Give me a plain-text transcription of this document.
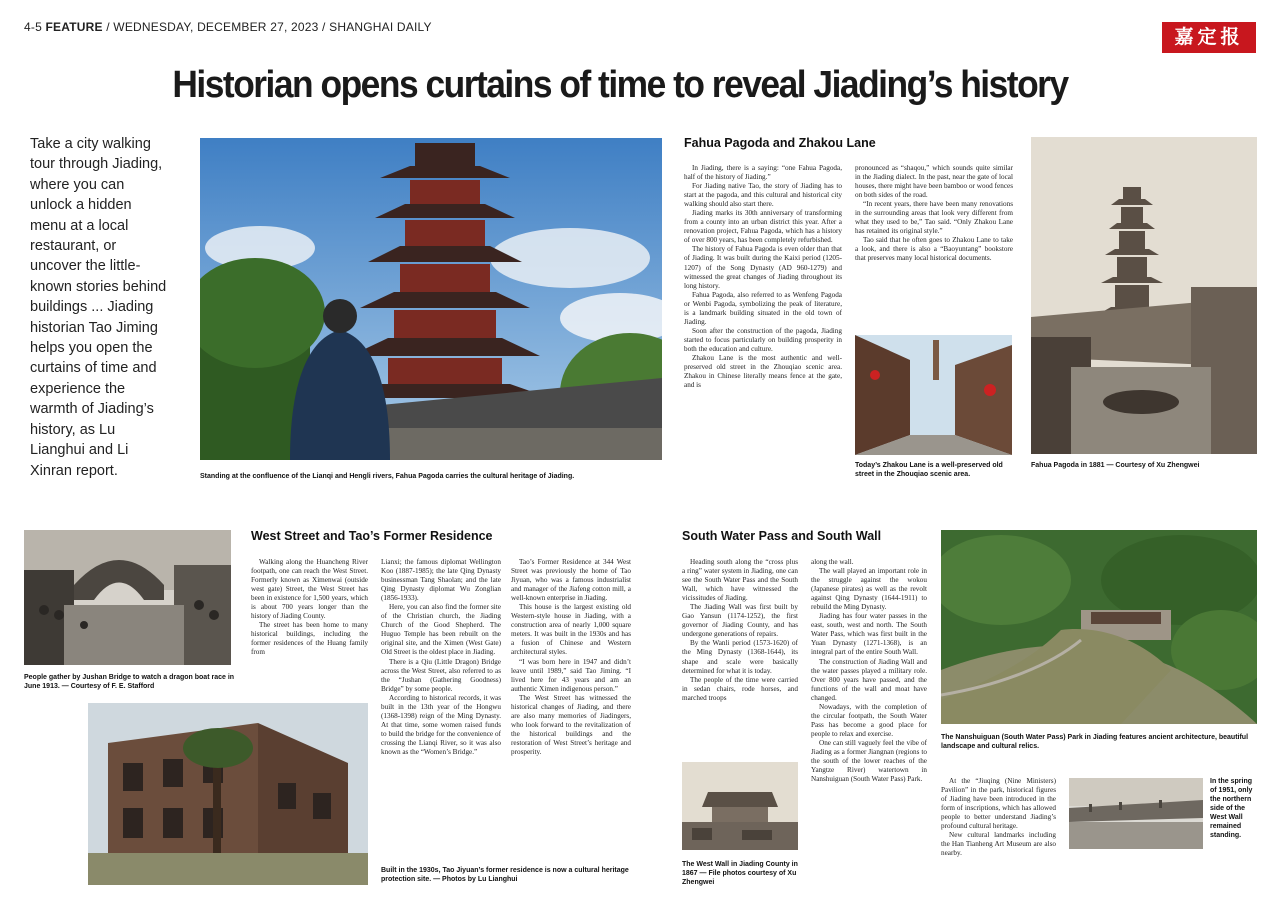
4-5 FEATURE / WEDNESDAY, DECEMBER 27, 2023 / SHANGHAI DAILY	嘉定报
Historian opens curtains of time to reveal Jiading’s history
Take a city walking tour through Jiading, where you can unlock a hidden menu at a local restaurant, or uncover the little-known stories behind buildings ... Jiading historian Tao Jiming helps you open the curtains of time and experience the warmth of Jiading’s history, as Lu Lianghui and Li Xinran report.	Standing at the confluence of the Lianqi and Hengli rivers, Fahua Pagoda carries the cultural heritage of Jiading.
Fahua Pagoda and Zhakou Lane

In Jiading, there is a saying: “one Fahua Pagoda, half of the history of Jiading.”

For Jiading native Tao, the story of Jiading has to start at the pagoda, and this cultural and historical city walking should also start there.

Jiading marks its 30th anniversary of transforming from a county into an urban district this year. After a renovation project, Fahua Pagoda, which has a history of over 800 years, has been completely refurbished.

The history of Fahua Pagoda is even older than that of Jiading. It was built during the Kaixi period (1205-1207) of the Song Dynasty (AD 960-1279) and witnessed the great changes of Jiading throughout its long history.

Fahua Pagoda, also referred to as Wenfeng Pagoda or Wenbi Pagoda, symbolizing the peak of literature, is a landmark building situated in the old town of Jiading.

Soon after the construction of the pagoda, Jiading started to focus particularly on building prosperity in both the education and culture.

Zhakou Lane is the most authentic and well-preserved old street in the Zhouqiao scenic area. Zhakou in Chinese literally means fence at the gate, and is

pronounced as “shaqou,” which sounds quite similar in the Jiading dialect. In the past, near the gate of local houses, there might have been bamboo or wood fences on both sides of the road.

“In recent years, there have been many renovations in the surrounding areas that look very different from what they used to be,” Tao said. “Only Zhakou Lane has retained its original style.”

Tao said that he often goes to Zhakou Lane to take a look, and there is also a “Baoyuntang” bookstore that preserves many local historical documents.

Today’s Zhakou Lane is a well-preserved old street in the Zhouqiao scenic area.
Fahua Pagoda in 1881 — Courtesy of Xu Zhengwei
People gather by Jushan Bridge to watch a dragon boat race in June 1913. — Courtesy of F. E. Stafford
West Street and Tao’s Former Residence

Walking along the Huancheng River footpath, one can reach the West Street. Formerly known as Ximenwai (outside west gate) Street, the West Street has been in existence for 1,500 years, which is about 700 years longer than the history of Jiading County.

The street has been home to many historical buildings, including the former residences of the Huang family from

Lianxi; the famous diplomat Wellington Koo (1887-1985); the late Qing Dynasty businessman Tang Shaolan; and the late Qing Dynasty diplomat Wu Zonglian (1856-1933).

Here, you can also find the former site of the Christian church, the Jiading Church of the Good Shepherd. The Huguo Temple has been rebuilt on the original site, and the Ximen (West Gate) Old Street is the oldest place in Jiading.

There is a Qiu (Little Dragon) Bridge across the West Street, also referred to as the “Jushan (Gathering Goodness) Bridge” by some people.

According to historical records, it was built in the 13th year of the Hongwu (1368-1398) reign of the Ming Dynasty. At that time, some women raised funds to build the bridge for the convenience of crossing the Lianqi River, so it was also known as the “Women’s Bridge.”

Tao’s Former Residence at 344 West Street was previously the home of Tao Jiyuan, who was a famous industrialist and manager of the Jiafeng cotton mill, a well-known enterprise in Jiading.

This house is the largest existing old Western-style house in Jiading, with a construction area of nearly 1,000 square meters. It was built in the 1930s and has a fusion of Chinese and Western architectural styles.

“I was born here in 1947 and didn’t leave until 1989,” said Tao Jiming. “I lived here for 43 years and am an authentic Ximen indigenous person.”

The West Street has witnessed the historical changes of Jiading, and there are also many memories of Jiadingers, who look forward to the revitalization of the historical buildings and the restoration of West Street’s heritage and prosperity.

Built in the 1930s, Tao Jiyuan’s former residence is now a cultural heritage protection site. — Photos by Lu Lianghui
South Water Pass and South Wall

Heading south along the “cross plus a ring” water system in Jiading, one can see the South Water Pass and the South Wall, which have witnessed the vicissitudes of Jiading.

The Jiading Wall was first built by Gao Yansun (1174-1252), the first governor of Jiading County, and has undergone generations of repairs.

By the Wanli period (1573-1620) of the Ming Dynasty (1368-1644), its shape and scale were basically determined for what it is today.

The people of the time were carried in sedan chairs, rode horses, and marched troops

along the wall.

The wall played an important role in the struggle against the wokou (Japanese pirates) as well as the revolt against Qing Dynasty (1644-1911) to rebuild the Ming Dynasty.

Jiading has four water passes in the east, south, west and north. The South Water Pass, which was first built in the Yuan Dynasty (1271-1368), is an integral part of the entire South Wall.

The construction of Jiading Wall and the water passes played a military role. Over 800 years have passed, and the functions of the wall and moat have changed.

Nowadays, with the completion of the circular footpath, the South Water Pass has become a good place for people to relax and exercise.

One can still vaguely feel the vibe of Jiading as a former Jiangnan (regions to the south of the lower reaches of the Yangtze River) watertown in Nanshuiguan (South Water Pass) Park.

The West Wall in Jiading County in 1867 — File photos courtesy of Xu Zhengwei
The Nanshuiguan (South Water Pass) Park in Jiading features ancient architecture, beautiful landscape and cultural relics.

At the “Jiuqing (Nine Ministers) Pavilion” in the park, historical figures of Jiading have been introduced in the form of inscriptions, which has allowed people to better understand Jiading’s profound cultural heritage.

New cultural landmarks including the Han Tianheng Art Museum are also nearby.

In the spring of 1951, only the northern side of the West Wall remained standing.
